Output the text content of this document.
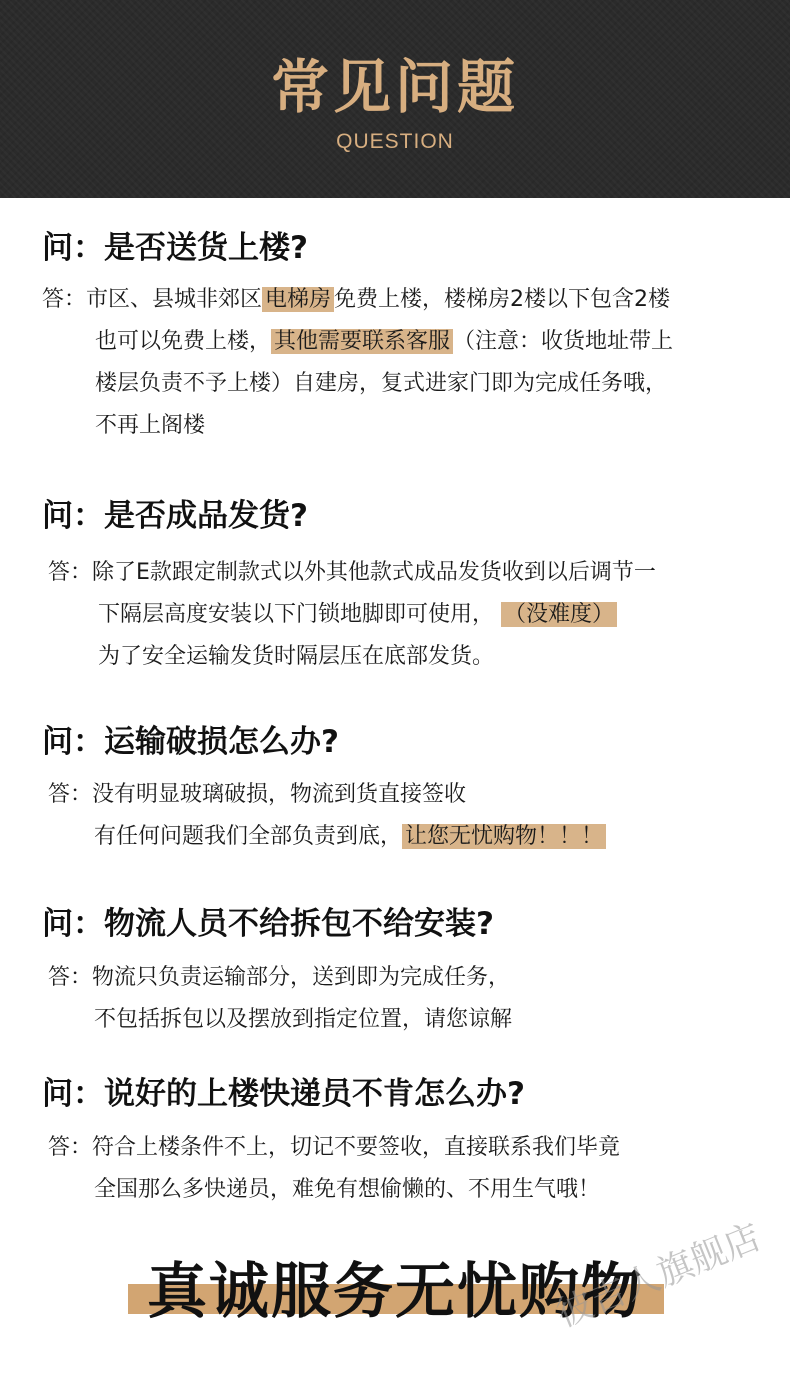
常见问题
QUESTION
问：是否送货上楼?
答：市区、县城非郊区 电梯房 免费上楼，楼梯房2楼以下包含2楼
也可以免费上楼， 其他需要联系客服 （注意：收货地址带上
楼层负责不予上楼）自建房，复式进家门即为完成任务哦，
不再上阁楼
问：是否成品发货?
答：除了E款跟定制款式以外其他款式成品发货收到以后调节一
下隔层高度安装以下门锁地脚即可使用， （没难度）
为了安全运输发货时隔层压在底部发货。
问：运输破损怎么办?
答：没有明显玻璃破损，物流到货直接签收
有任何问题我们全部负责到底， 让您无忧购物！！！
问：物流人员不给拆包不给安装?
答：物流只负责运输部分，送到即为完成任务，
不包括拆包以及摆放到指定位置，请您谅解
问：说好的上楼快递员不肯怎么办?
答：符合上楼条件不上，切记不要签收，直接联系我们毕竟
全国那么多快递员，难免有想偷懒的、不用生气哦！
真诚服务无忧购物
彼吉人旗舰店
